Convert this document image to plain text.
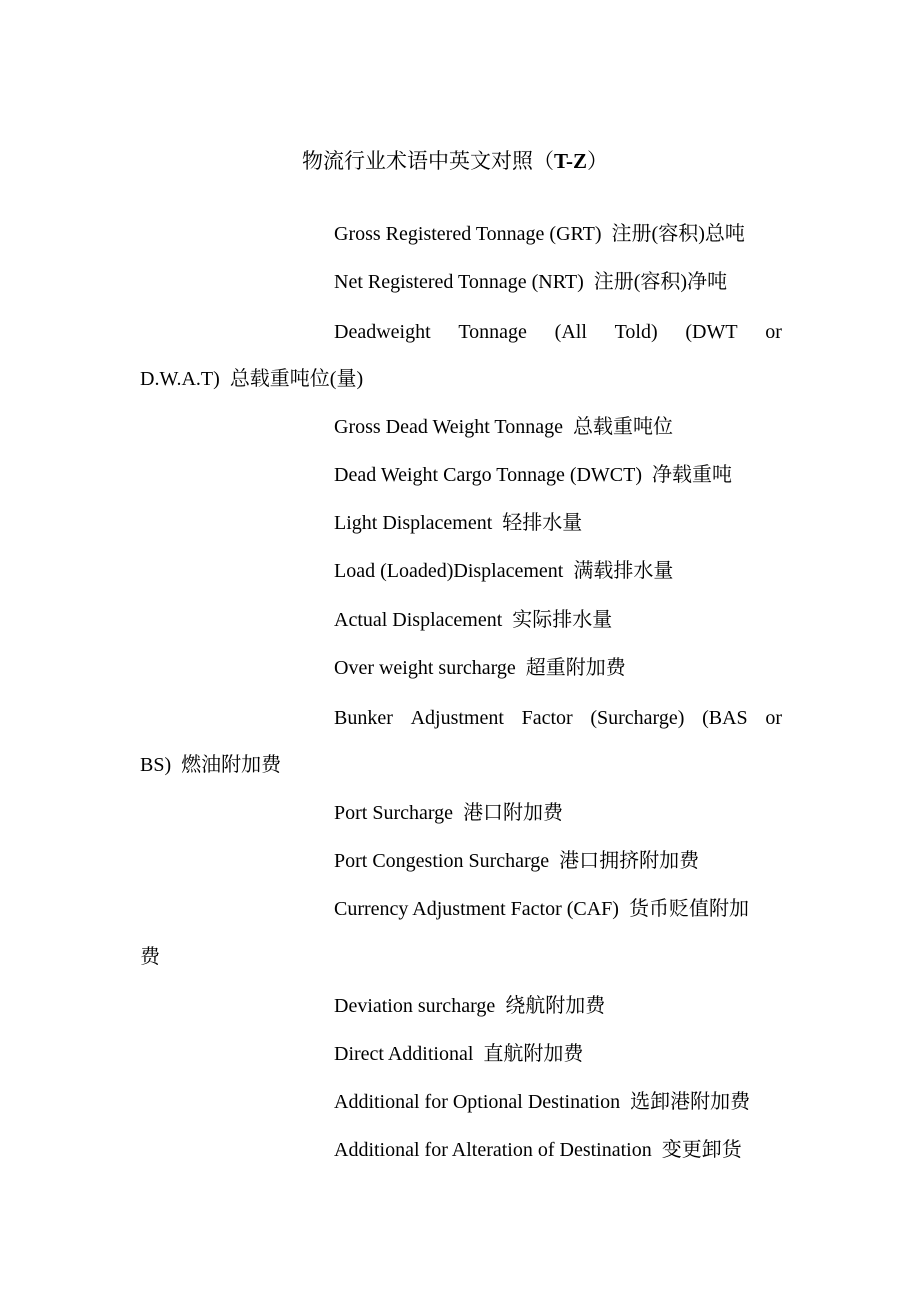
物流行业术语中英文对照（T-Z）
Gross Registered Tonnage (GRT) 注册(容积)总吨
Net Registered Tonnage (NRT) 注册(容积)净吨
Deadweight Tonnage (All Told) (DWT or
D.W.A.T) 总载重吨位(量)
Gross Dead Weight Tonnage 总载重吨位
Dead Weight Cargo Tonnage (DWCT) 净载重吨
Light Displacement 轻排水量
Load (Loaded)Displacement 满载排水量
Actual Displacement 实际排水量
Over weight surcharge 超重附加费
Bunker Adjustment Factor (Surcharge) (BAS or
BS) 燃油附加费
Port Surcharge 港口附加费
Port Congestion Surcharge 港口拥挤附加费
Currency Adjustment Factor (CAF) 货币贬值附加
费
Deviation surcharge 绕航附加费
Direct Additional 直航附加费
Additional for Optional Destination 选卸港附加费
Additional for Alteration of Destination 变更卸货
